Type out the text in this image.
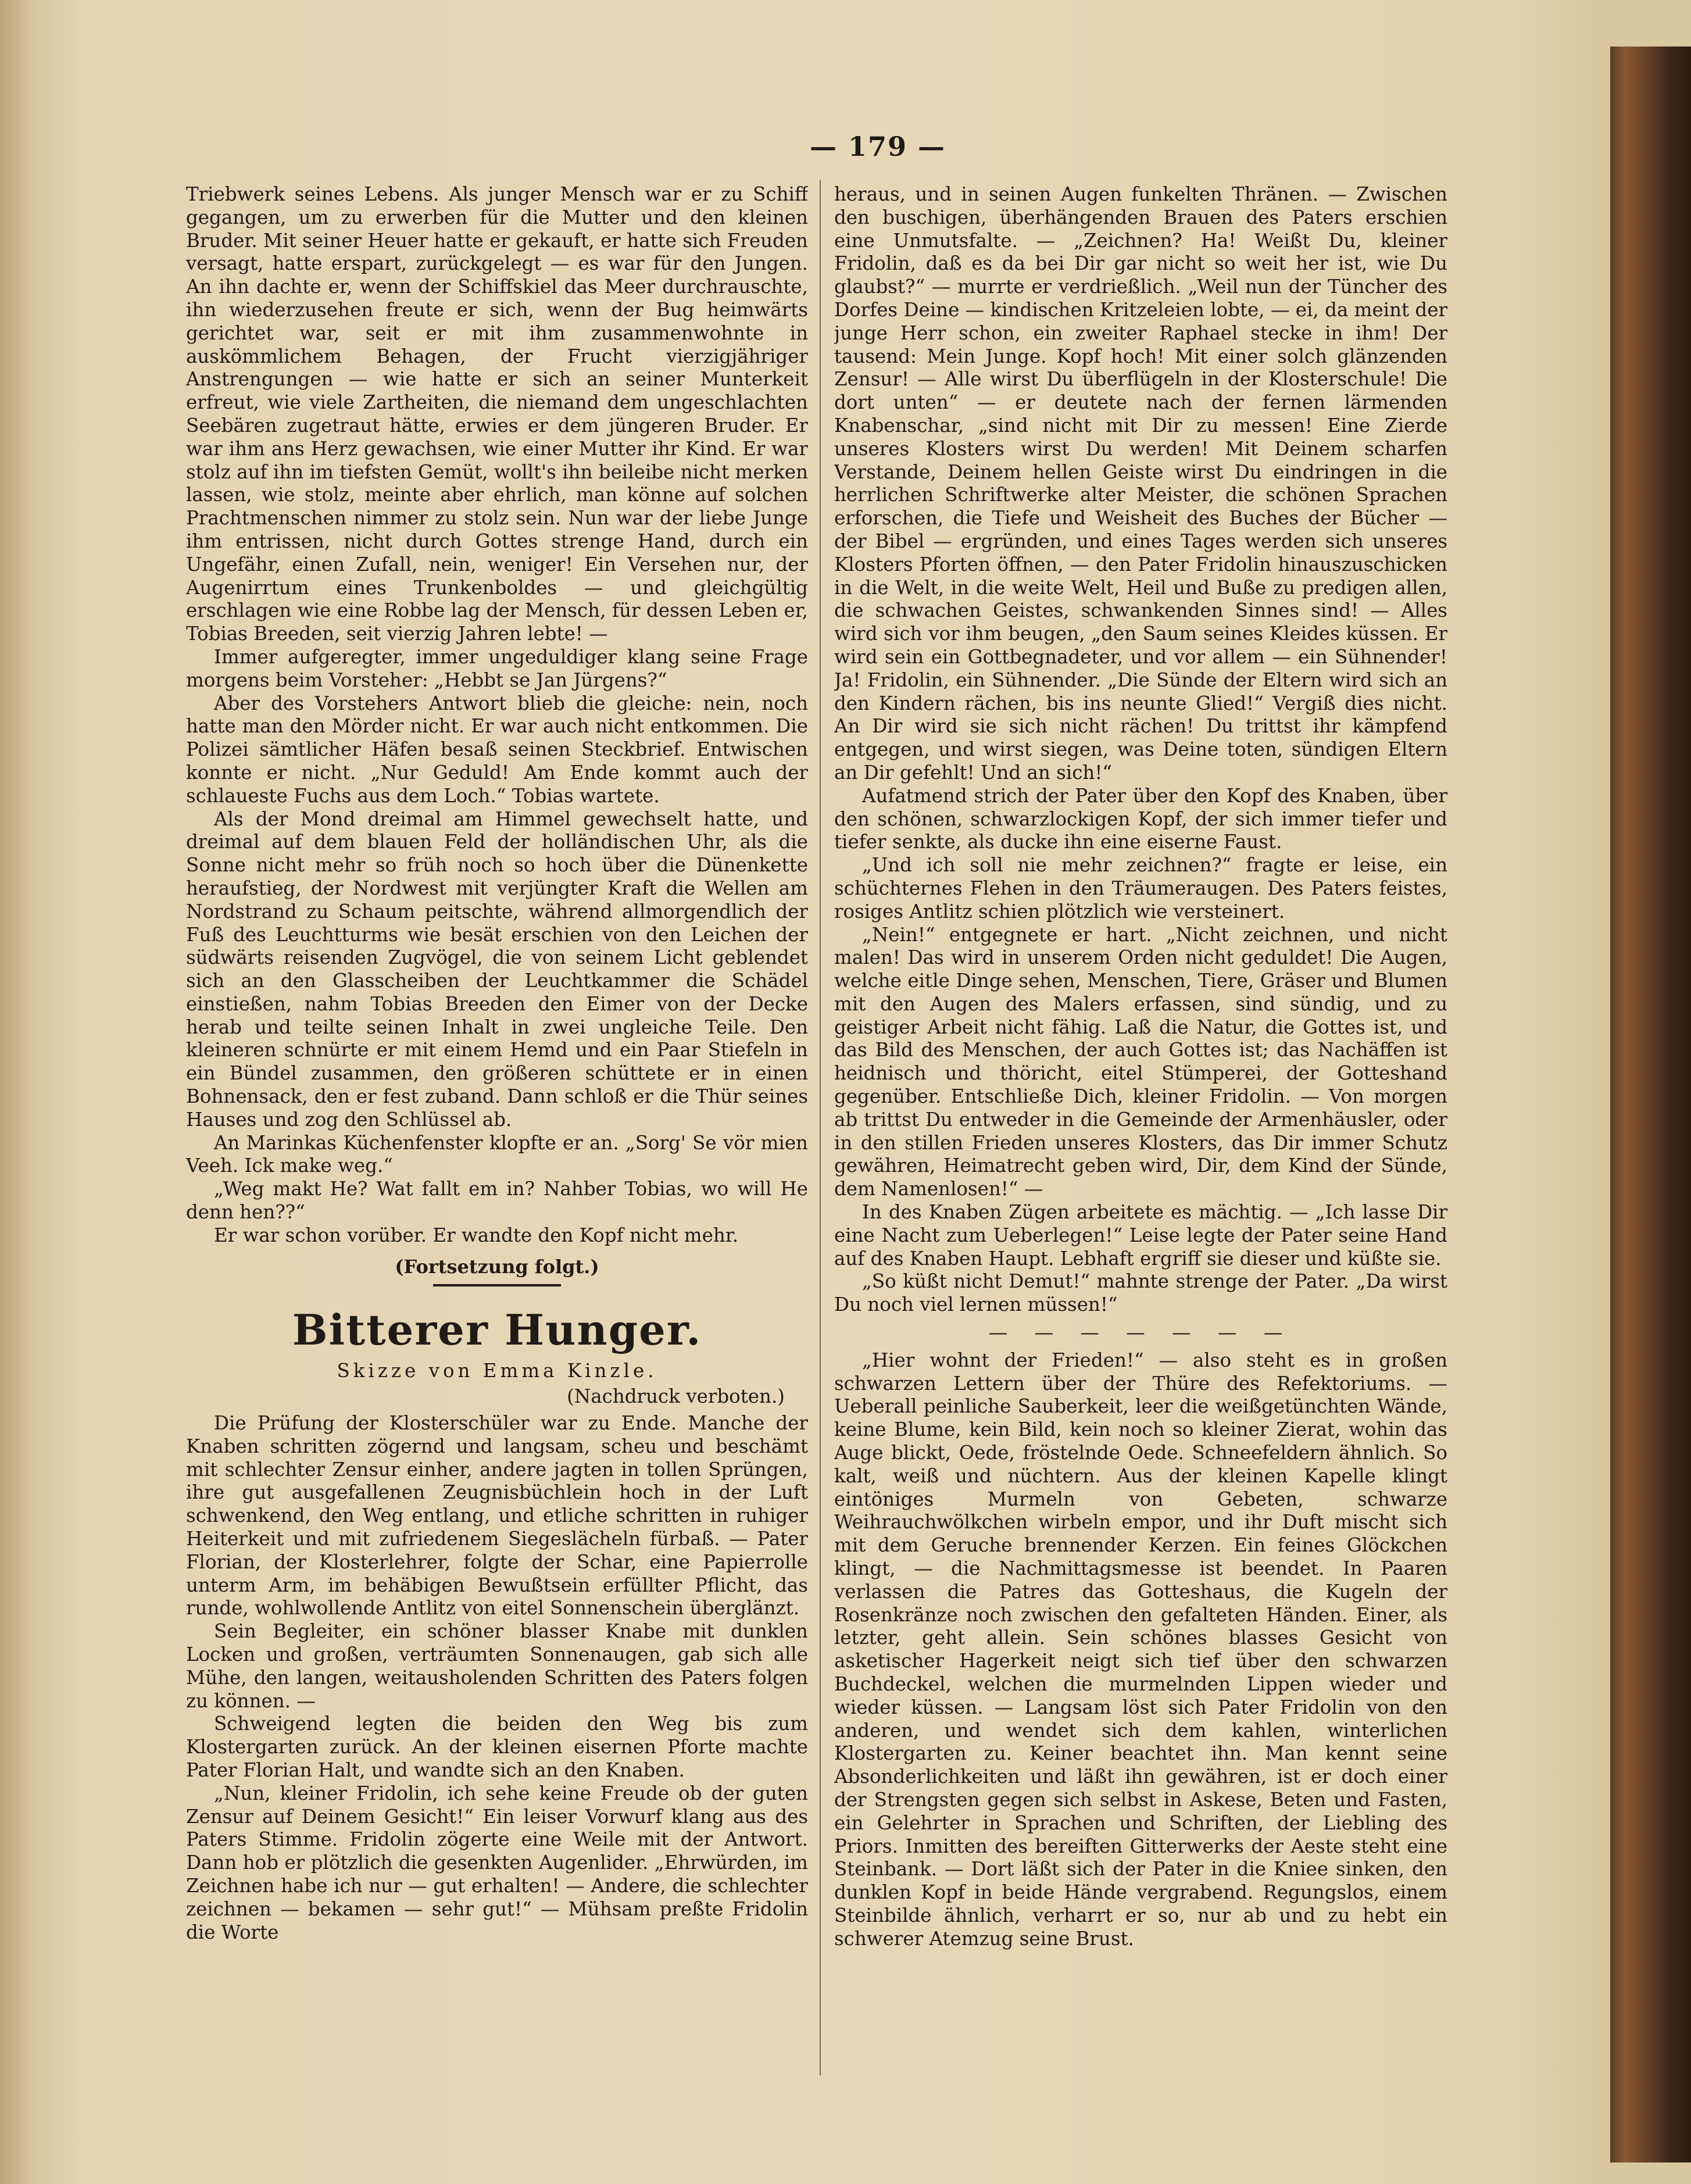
— 179 —

Triebwerk seines Lebens. Als junger Mensch war er zu Schiff gegangen, um zu erwerben für die Mutter und den kleinen Bruder. Mit seiner Heuer hatte er gekauft, er hatte sich Freuden versagt, hatte erspart, zurückgelegt — es war für den Jungen. An ihn dachte er, wenn der Schiffskiel das Meer durchrauschte, ihn wiederzusehen freute er sich, wenn der Bug heimwärts gerichtet war, seit er mit ihm zusammenwohnte in auskömmlichem Behagen, der Frucht vierzigjähriger Anstrengungen — wie hatte er sich an seiner Munterkeit erfreut, wie viele Zartheiten, die niemand dem ungeschlachten Seebären zugetraut hätte, erwies er dem jüngeren Bruder. Er war ihm ans Herz gewachsen, wie einer Mutter ihr Kind. Er war stolz auf ihn im tiefsten Gemüt, wollt's ihn beileibe nicht merken lassen, wie stolz, meinte aber ehrlich, man könne auf solchen Prachtmenschen nimmer zu stolz sein. Nun war der liebe Junge ihm entrissen, nicht durch Gottes strenge Hand, durch ein Ungefähr, einen Zufall, nein, weniger! Ein Versehen nur, der Augenirrtum eines Trunkenboldes — und gleichgültig erschlagen wie eine Robbe lag der Mensch, für dessen Leben er, Tobias Breeden, seit vierzig Jahren lebte! —

Immer aufgeregter, immer ungeduldiger klang seine Frage morgens beim Vorsteher: „Hebbt se Jan Jürgens?“

Aber des Vorstehers Antwort blieb die gleiche: nein, noch hatte man den Mörder nicht. Er war auch nicht entkommen. Die Polizei sämtlicher Häfen besaß seinen Steckbrief. Entwischen konnte er nicht. „Nur Geduld! Am Ende kommt auch der schlaueste Fuchs aus dem Loch.“ Tobias wartete.

Als der Mond dreimal am Himmel gewechselt hatte, und dreimal auf dem blauen Feld der holländischen Uhr, als die Sonne nicht mehr so früh noch so hoch über die Dünenkette heraufstieg, der Nordwest mit verjüngter Kraft die Wellen am Nordstrand zu Schaum peitschte, während allmorgendlich der Fuß des Leuchtturms wie besät erschien von den Leichen der südwärts reisenden Zugvögel, die von seinem Licht geblendet sich an den Glasscheiben der Leuchtkammer die Schädel einstießen, nahm Tobias Breeden den Eimer von der Decke herab und teilte seinen Inhalt in zwei ungleiche Teile. Den kleineren schnürte er mit einem Hemd und ein Paar Stiefeln in ein Bündel zusammen, den größeren schüttete er in einen Bohnensack, den er fest zuband. Dann schloß er die Thür seines Hauses und zog den Schlüssel ab.

An Marinkas Küchenfenster klopfte er an. „Sorg' Se vör mien Veeh. Ick make weg.“

„Weg makt He? Wat fallt em in? Nahber Tobias, wo will He denn hen??“

Er war schon vorüber. Er wandte den Kopf nicht mehr.

(Fortsetzung folgt.)
Bitterer Hunger.
Skizze von Emma Kinzle.
(Nachdruck verboten.)

Die Prüfung der Klosterschüler war zu Ende. Manche der Knaben schritten zögernd und langsam, scheu und beschämt mit schlechter Zensur einher, andere jagten in tollen Sprüngen, ihre gut ausgefallenen Zeugnisbüchlein hoch in der Luft schwenkend, den Weg entlang, und etliche schritten in ruhiger Heiterkeit und mit zufriedenem Siegeslächeln fürbaß. — Pater Florian, der Klosterlehrer, folgte der Schar, eine Papierrolle unterm Arm, im behäbigen Bewußtsein erfüllter Pflicht, das runde, wohlwollende Antlitz von eitel Sonnenschein überglänzt.

Sein Begleiter, ein schöner blasser Knabe mit dunklen Locken und großen, verträumten Sonnenaugen, gab sich alle Mühe, den langen, weitausholenden Schritten des Paters folgen zu können. —

Schweigend legten die beiden den Weg bis zum Klostergarten zurück. An der kleinen eisernen Pforte machte Pater Florian Halt, und wandte sich an den Knaben.

„Nun, kleiner Fridolin, ich sehe keine Freude ob der guten Zensur auf Deinem Gesicht!“ Ein leiser Vorwurf klang aus des Paters Stimme. Fridolin zögerte eine Weile mit der Antwort. Dann hob er plötzlich die gesenkten Augenlider. „Ehrwürden, im Zeichnen habe ich nur — gut erhalten! — Andere, die schlechter zeichnen — bekamen — sehr gut!“ — Mühsam preßte Fridolin die Worte

heraus, und in seinen Augen funkelten Thränen. — Zwischen den buschigen, überhängenden Brauen des Paters erschien eine Unmutsfalte. — „Zeichnen? Ha! Weißt Du, kleiner Fridolin, daß es da bei Dir gar nicht so weit her ist, wie Du glaubst?“ — murrte er verdrießlich. „Weil nun der Tüncher des Dorfes Deine — kindischen Kritzeleien lobte, — ei, da meint der junge Herr schon, ein zweiter Raphael stecke in ihm! Der tausend: Mein Junge. Kopf hoch! Mit einer solch glänzenden Zensur! — Alle wirst Du überflügeln in der Klosterschule! Die dort unten“ — er deutete nach der fernen lärmenden Knabenschar, „sind nicht mit Dir zu messen! Eine Zierde unseres Klosters wirst Du werden! Mit Deinem scharfen Verstande, Deinem hellen Geiste wirst Du eindringen in die herrlichen Schriftwerke alter Meister, die schönen Sprachen erforschen, die Tiefe und Weisheit des Buches der Bücher — der Bibel — ergründen, und eines Tages werden sich unseres Klosters Pforten öffnen, — den Pater Fridolin hinauszuschicken in die Welt, in die weite Welt, Heil und Buße zu predigen allen, die schwachen Geistes, schwankenden Sinnes sind! — Alles wird sich vor ihm beugen, „den Saum seines Kleides küssen. Er wird sein ein Gottbegnadeter, und vor allem — ein Sühnender! Ja! Fridolin, ein Sühnender. „Die Sünde der Eltern wird sich an den Kindern rächen, bis ins neunte Glied!“ Vergiß dies nicht. An Dir wird sie sich nicht rächen! Du trittst ihr kämpfend entgegen, und wirst siegen, was Deine toten, sündigen Eltern an Dir gefehlt! Und an sich!“

Aufatmend strich der Pater über den Kopf des Knaben, über den schönen, schwarzlockigen Kopf, der sich immer tiefer und tiefer senkte, als ducke ihn eine eiserne Faust.

„Und ich soll nie mehr zeichnen?“ fragte er leise, ein schüchternes Flehen in den Träumeraugen. Des Paters feistes, rosiges Antlitz schien plötzlich wie versteinert.

„Nein!“ entgegnete er hart. „Nicht zeichnen, und nicht malen! Das wird in unserem Orden nicht geduldet! Die Augen, welche eitle Dinge sehen, Menschen, Tiere, Gräser und Blumen mit den Augen des Malers erfassen, sind sündig, und zu geistiger Arbeit nicht fähig. Laß die Natur, die Gottes ist, und das Bild des Menschen, der auch Gottes ist; das Nachäffen ist heidnisch und thöricht, eitel Stümperei, der Gotteshand gegenüber. Entschließe Dich, kleiner Fridolin. — Von morgen ab trittst Du entweder in die Gemeinde der Armenhäusler, oder in den stillen Frieden unseres Klosters, das Dir immer Schutz gewähren, Heimatrecht geben wird, Dir, dem Kind der Sünde, dem Namenlosen!“ —

In des Knaben Zügen arbeitete es mächtig. — „Ich lasse Dir eine Nacht zum Ueberlegen!“ Leise legte der Pater seine Hand auf des Knaben Haupt. Lebhaft ergriff sie dieser und küßte sie.

„So küßt nicht Demut!“ mahnte strenge der Pater. „Da wirst Du noch viel lernen müssen!“

— — — — — — —

„Hier wohnt der Frieden!“ — also steht es in großen schwarzen Lettern über der Thüre des Refektoriums. — Ueberall peinliche Sauberkeit, leer die weißgetünchten Wände, keine Blume, kein Bild, kein noch so kleiner Zierat, wohin das Auge blickt, Oede, fröstelnde Oede. Schneefeldern ähnlich. So kalt, weiß und nüchtern. Aus der kleinen Kapelle klingt eintöniges Murmeln von Gebeten, schwarze Weihrauchwölkchen wirbeln empor, und ihr Duft mischt sich mit dem Geruche brennender Kerzen. Ein feines Glöckchen klingt, — die Nachmittagsmesse ist beendet. In Paaren verlassen die Patres das Gotteshaus, die Kugeln der Rosenkränze noch zwischen den gefalteten Händen. Einer, als letzter, geht allein. Sein schönes blasses Gesicht von asketischer Hagerkeit neigt sich tief über den schwarzen Buchdeckel, welchen die murmelnden Lippen wieder und wieder küssen. — Langsam löst sich Pater Fridolin von den anderen, und wendet sich dem kahlen, winterlichen Klostergarten zu. Keiner beachtet ihn. Man kennt seine Absonderlichkeiten und läßt ihn gewähren, ist er doch einer der Strengsten gegen sich selbst in Askese, Beten und Fasten, ein Gelehrter in Sprachen und Schriften, der Liebling des Priors. Inmitten des bereiften Gitterwerks der Aeste steht eine Steinbank. — Dort läßt sich der Pater in die Kniee sinken, den dunklen Kopf in beide Hände vergrabend. Regungslos, einem Steinbilde ähnlich, verharrt er so, nur ab und zu hebt ein schwerer Atemzug seine Brust.
